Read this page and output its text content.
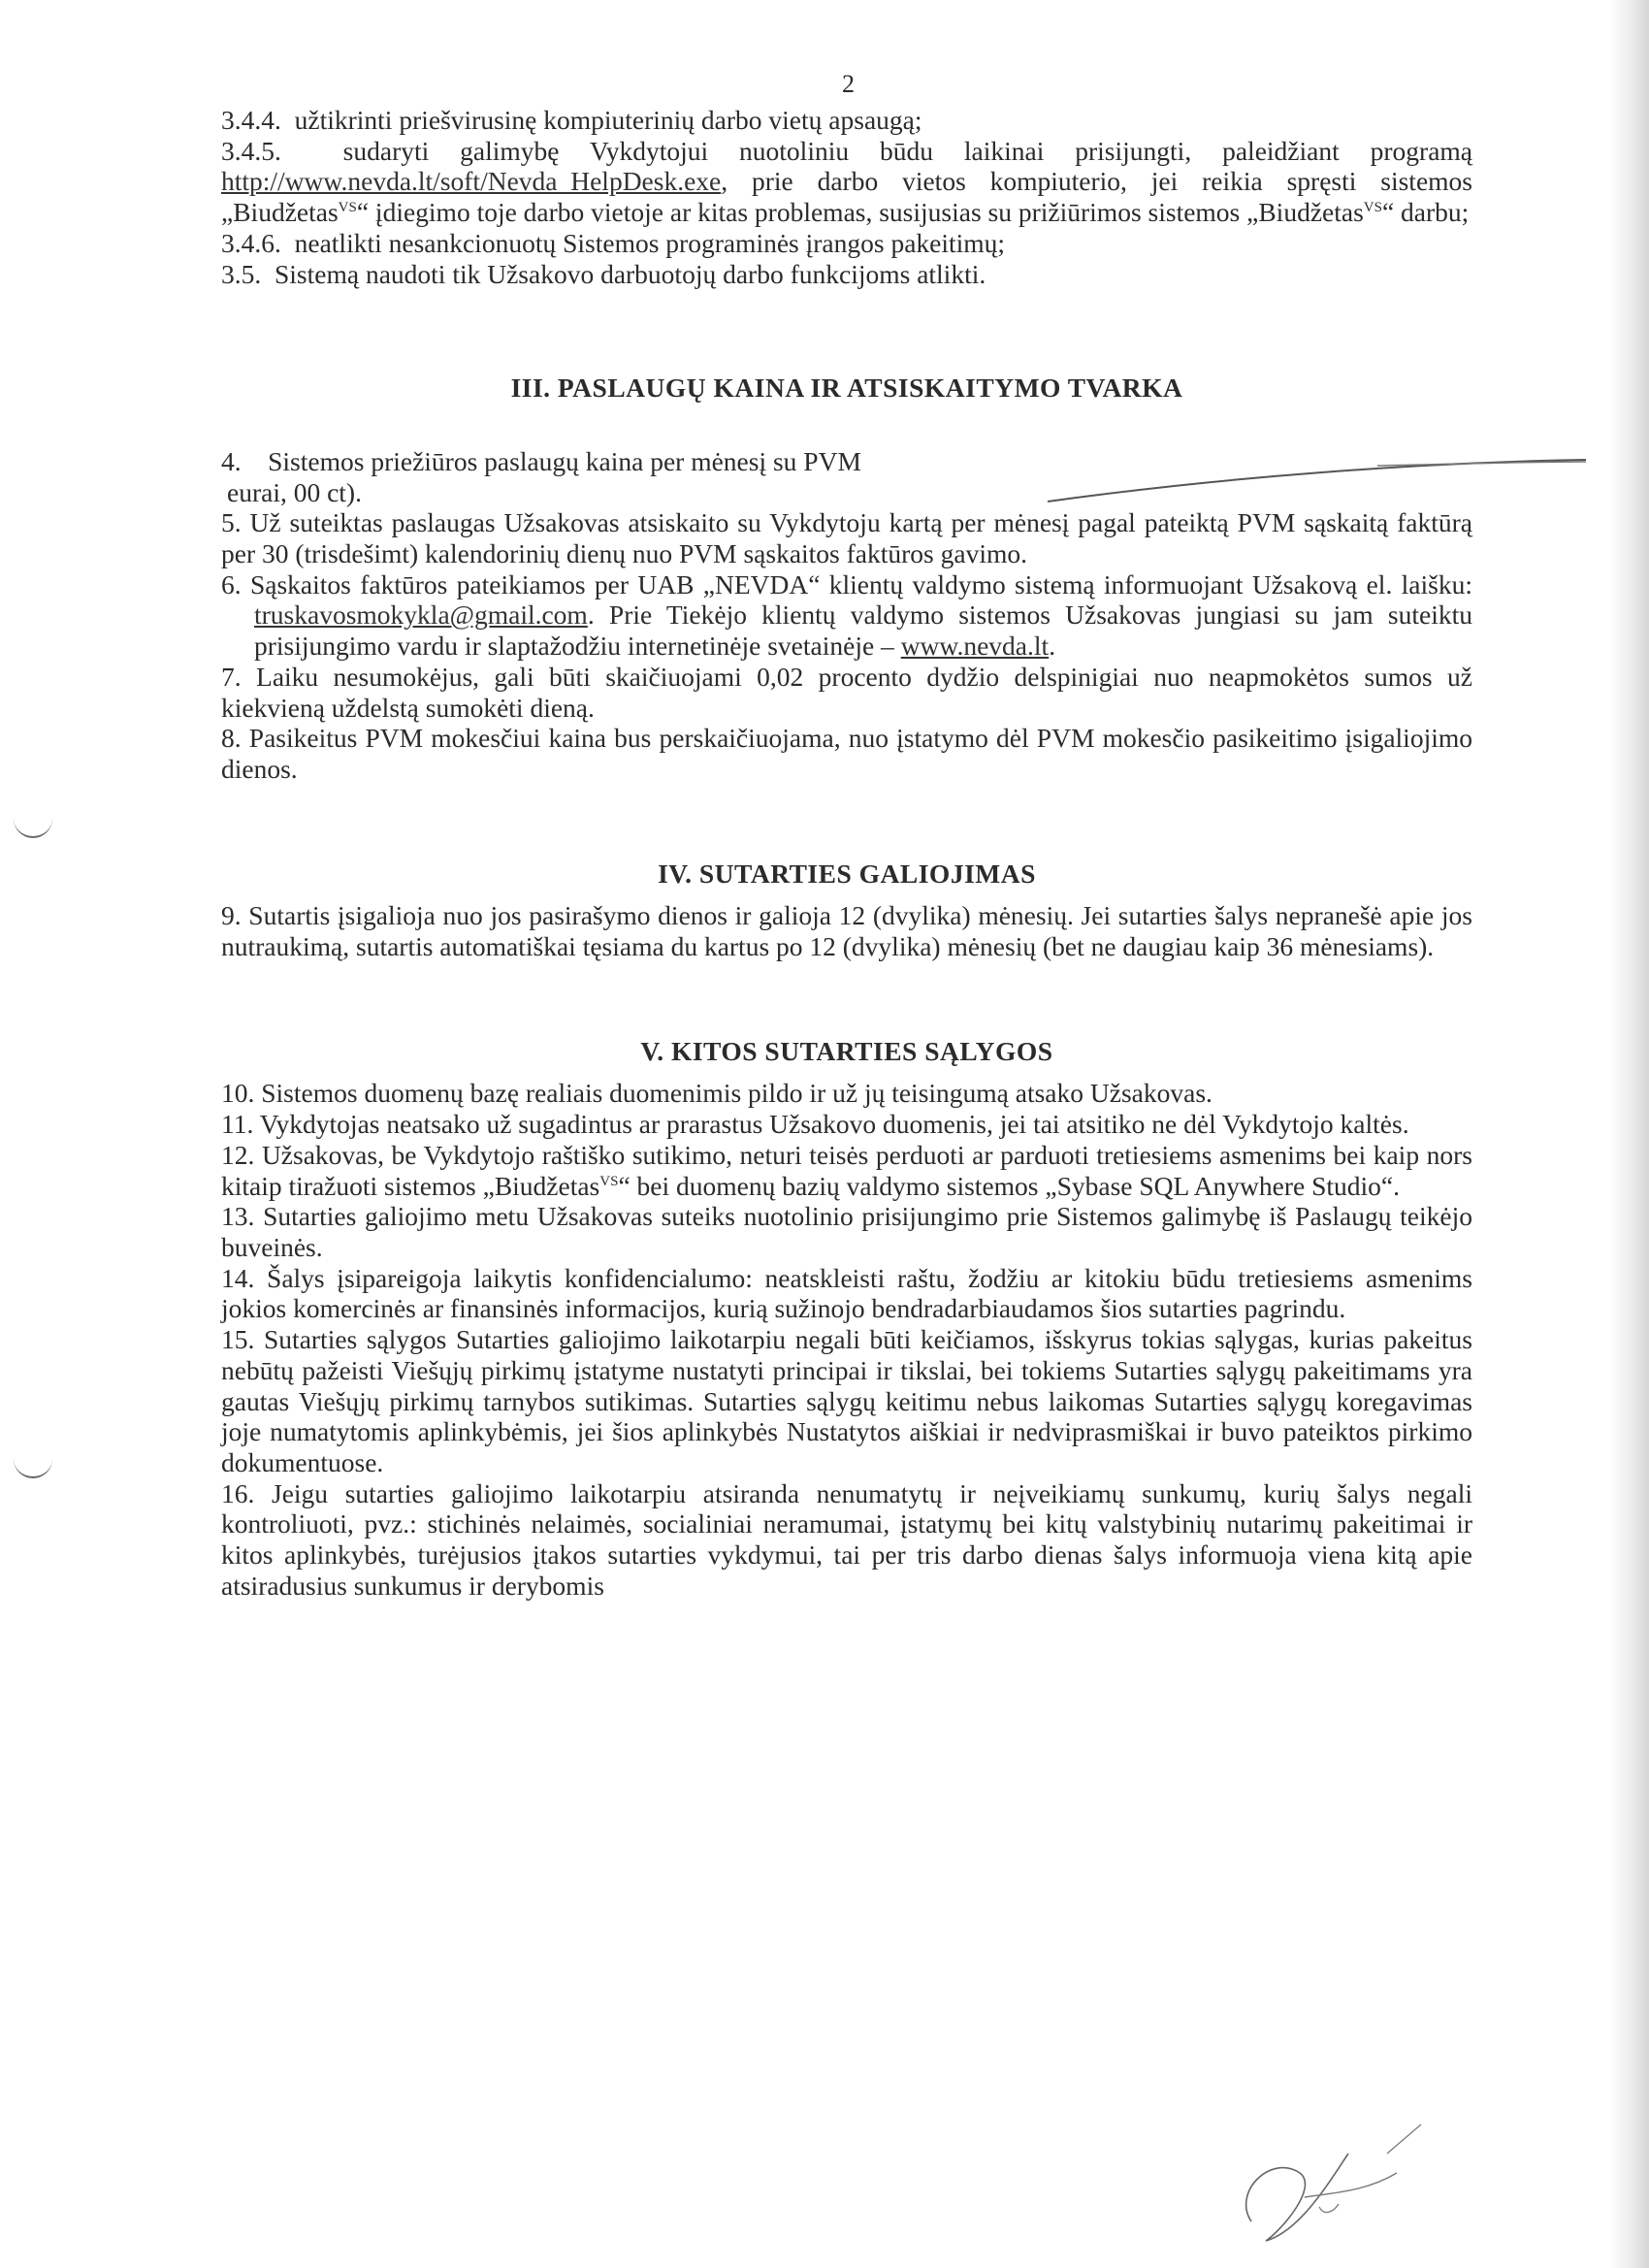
2

3.4.4. užtikrinti priešvirusinę kompiuterinių darbo vietų apsaugą;

3.4.5. sudaryti galimybę Vykdytojui nuotoliniu būdu laikinai prisijungti, paleidžiant programą http://www.nevda.lt/soft/Nevda_HelpDesk.exe, prie darbo vietos kompiuterio, jei reikia spręsti sistemos „Biudžetas$^{VS}$“ įdiegimo toje darbo vietoje ar kitas problemas, susijusias su prižiūrimos sistemos „Biudžetas$^{VS}$“ darbu;

3.4.6. neatlikti nesankcionuotų Sistemos programinės įrangos pakeitimų;

3.5. Sistemą naudoti tik Užsakovo darbuotojų darbo funkcijoms atlikti.

III. PASLAUGŲ KAINA IR ATSISKAITYMO TVARKA

4. Sistemos priežiūros paslaugų kaina per mėnesį su PVM

eurai, 00 ct).

5. Už suteiktas paslaugas Užsakovas atsiskaito su Vykdytoju kartą per mėnesį pagal pateiktą PVM sąskaitą faktūrą per 30 (trisdešimt) kalendorinių dienų nuo PVM sąskaitos faktūros gavimo.

6. Sąskaitos faktūros pateikiamos per UAB „NEVDA“ klientų valdymo sistemą informuojant Užsakovą el. laišku: truskavosmokykla@gmail.com. Prie Tiekėjo klientų valdymo sistemos Užsakovas jungiasi su jam suteiktu prisijungimo vardu ir slaptažodžiu internetinėje svetainėje – www.nevda.lt.

7. Laiku nesumokėjus, gali būti skaičiuojami 0,02 procento dydžio delspinigiai nuo neapmokėtos sumos už kiekvieną uždelstą sumokėti dieną.

8. Pasikeitus PVM mokesčiui kaina bus perskaičiuojama, nuo įstatymo dėl PVM mokesčio pasikeitimo įsigaliojimo dienos.

IV. SUTARTIES GALIOJIMAS

9. Sutartis įsigalioja nuo jos pasirašymo dienos ir galioja 12 (dvylika) mėnesių. Jei sutarties šalys nepranešė apie jos nutraukimą, sutartis automatiškai tęsiama du kartus po 12 (dvylika) mėnesių (bet ne daugiau kaip 36 mėnesiams).

V. KITOS SUTARTIES SĄLYGOS

10. Sistemos duomenų bazę realiais duomenimis pildo ir už jų teisingumą atsako Užsakovas.

11. Vykdytojas neatsako už sugadintus ar prarastus Užsakovo duomenis, jei tai atsitiko ne dėl Vykdytojo kaltės.

12. Užsakovas, be Vykdytojo raštiško sutikimo, neturi teisės perduoti ar parduoti tretiesiems asmenims bei kaip nors kitaip tiražuoti sistemos „Biudžetas$^{VS}$“ bei duomenų bazių valdymo sistemos „Sybase SQL Anywhere Studio“.

13. Sutarties galiojimo metu Užsakovas suteiks nuotolinio prisijungimo prie Sistemos galimybę iš Paslaugų teikėjo buveinės.

14. Šalys įsipareigoja laikytis konfidencialumo: neatskleisti raštu, žodžiu ar kitokiu būdu tretiesiems asmenims jokios komercinės ar finansinės informacijos, kurią sužinojo bendradarbiaudamos šios sutarties pagrindu.

15. Sutarties sąlygos Sutarties galiojimo laikotarpiu negali būti keičiamos, išskyrus tokias sąlygas, kurias pakeitus nebūtų pažeisti Viešųjų pirkimų įstatyme nustatyti principai ir tikslai, bei tokiems Sutarties sąlygų pakeitimams yra gautas Viešųjų pirkimų tarnybos sutikimas. Sutarties sąlygų keitimu nebus laikomas Sutarties sąlygų koregavimas joje numatytomis aplinkybėmis, jei šios aplinkybės Nustatytos aiškiai ir nedviprasmiškai ir buvo pateiktos pirkimo dokumentuose.

16. Jeigu sutarties galiojimo laikotarpiu atsiranda nenumatytų ir neįveikiamų sunkumų, kurių šalys negali kontroliuoti, pvz.: stichinės nelaimės, socialiniai neramumai, įstatymų bei kitų valstybinių nutarimų pakeitimai ir kitos aplinkybės, turėjusios įtakos sutarties vykdymui, tai per tris darbo dienas šalys informuoja viena kitą apie atsiradusius sunkumus ir derybomis
